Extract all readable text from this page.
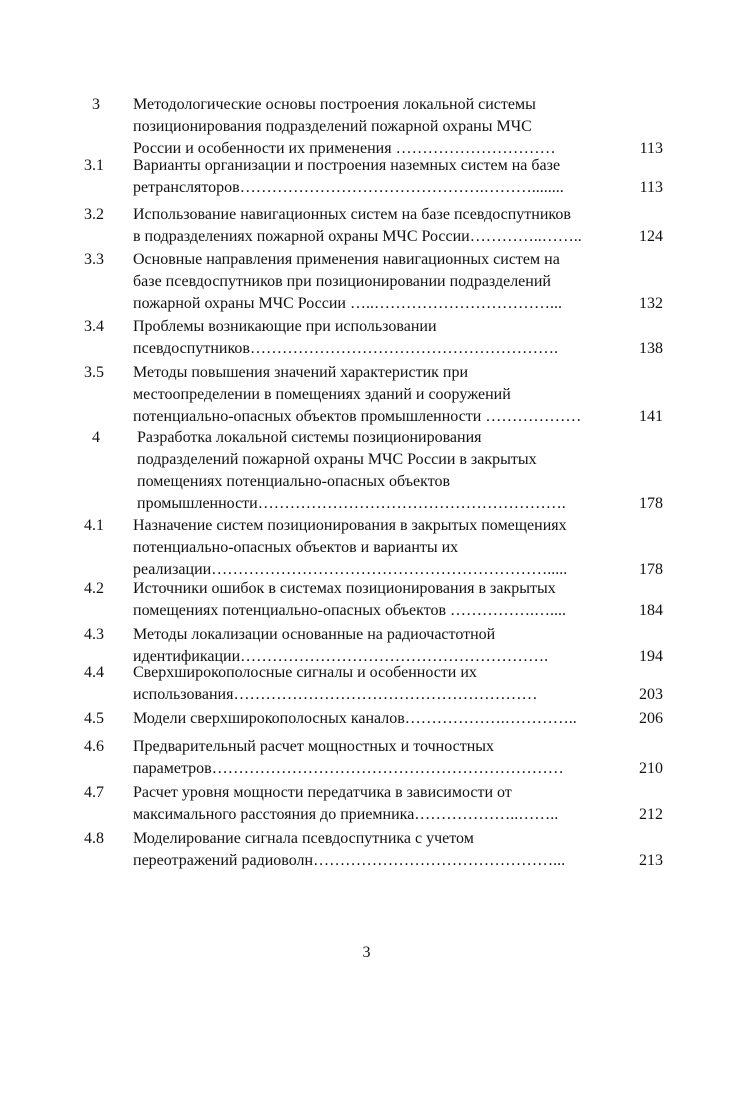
3	Методологические основы построения локальной системы
позиционирования подразделений пожарной охраны МЧС
России и особенности их применения …………………………	113
3.1	Варианты организации и построения наземных систем на базе
ретрансляторов……………………………………….………........	113
3.2	Использование навигационных систем на базе псевдоспутников
в подразделениях пожарной охраны МЧС России…………..……..	124
3.3	Основные направления применения навигационных систем на
базе псевдоспутников при позиционировании подразделений
пожарной охраны МЧС России …..……………………………...	132
3.4	Проблемы возникающие при использовании
псевдоспутников………………………………………………….	138
3.5	Методы повышения значений характеристик при
местоопределении в помещениях зданий и сооружений
потенциально-опасных объектов промышленности ………………	141
4	Разработка локальной системы позиционирования
подразделений пожарной охраны МЧС России в закрытых
помещениях потенциально-опасных объектов
промышленности………………………………………………….	178
4.1	Назначение систем позиционирования в закрытых помещениях
потенциально-опасных объектов и варианты их
реализации……………………………………………………….....	178
4.2	Источники ошибок в системах позиционирования в закрытых
помещениях потенциально-опасных объектов …………….…....	184
4.3	Методы локализации основанные на радиочастотной
идентификации………………………………………………….	194
4.4	Сверхширокополосные сигналы и особенности их
использования…………………………………………………	203
4.5	Модели сверхширокополосных каналов……………….…………..	206
4.6	Предварительный расчет мощностных и точностных
параметров…………………………………………………………	210
4.7	Расчет уровня мощности передатчика в зависимости от
максимального расстояния до приемника………………..……..	212
4.8	Моделирование сигнала псевдоспутника с учетом
переотражений радиоволн………………………………………...	213
3
